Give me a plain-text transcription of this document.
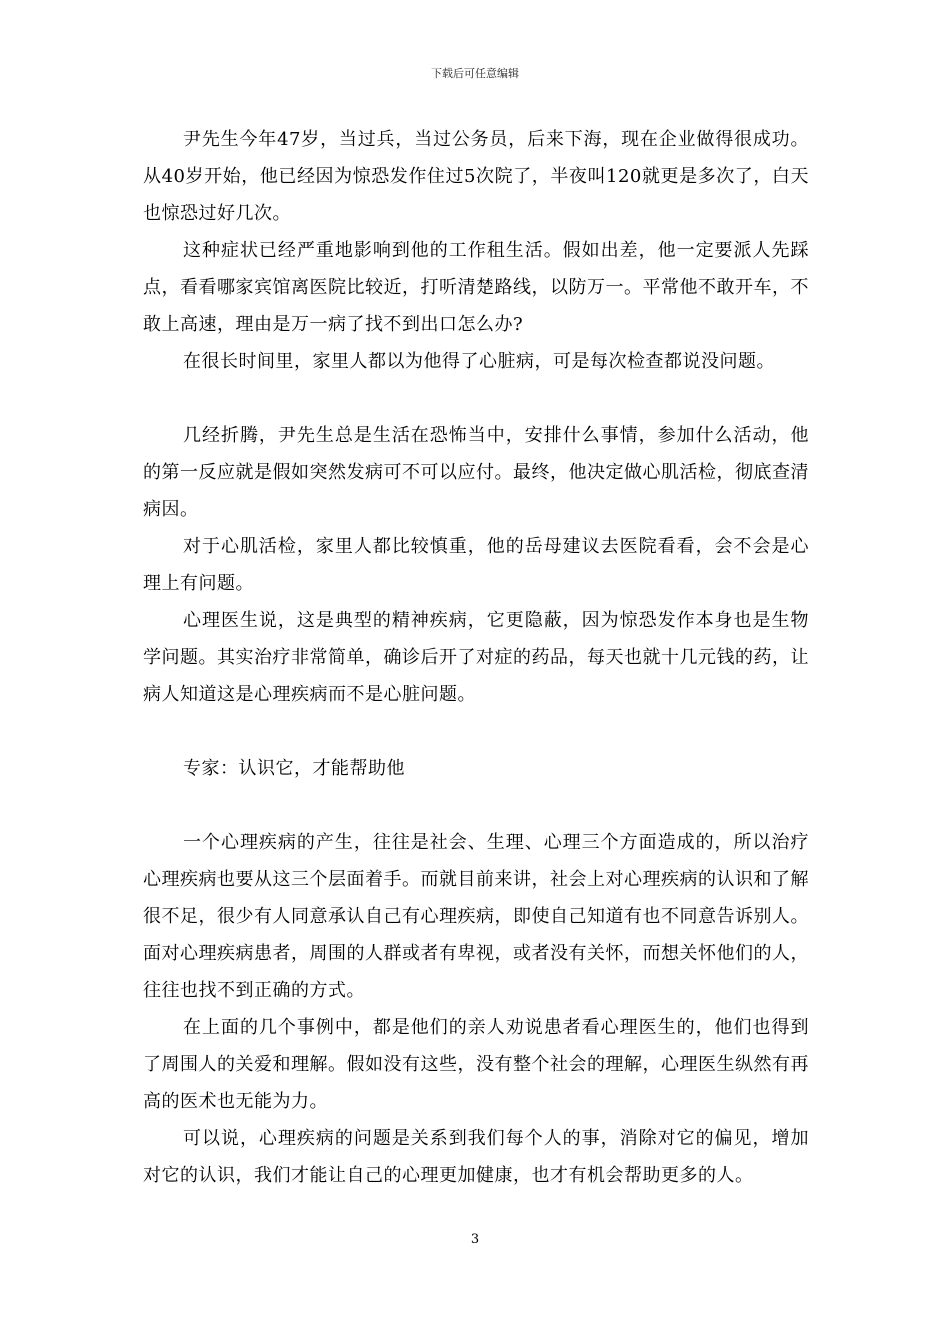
下载后可任意编辑

尹先生今年47岁，当过兵，当过公务员，后来下海，现在企业做得很成功。从40岁开始，他已经因为惊恐发作住过5次院了，半夜叫120就更是多次了，白天也惊恐过好几次。

这种症状已经严重地影响到他的工作租生活。假如出差，他一定要派人先踩点，看看哪家宾馆离医院比较近，打听清楚路线，以防万一。平常他不敢开车，不敢上高速，理由是万一病了找不到出口怎么办?

在很长时间里，家里人都以为他得了心脏病，可是每次检查都说没问题。

几经折腾，尹先生总是生活在恐怖当中，安排什么事情，参加什么活动，他的第一反应就是假如突然发病可不可以应付。最终，他决定做心肌活检，彻底查清病因。

对于心肌活检，家里人都比较慎重，他的岳母建议去医院看看，会不会是心理上有问题。

心理医生说，这是典型的精神疾病，它更隐蔽，因为惊恐发作本身也是生物学问题。其实治疗非常简单，确诊后开了对症的药品，每天也就十几元钱的药，让病人知道这是心理疾病而不是心脏问题。

专家：认识它，才能帮助他

一个心理疾病的产生，往往是社会、生理、心理三个方面造成的，所以治疗心理疾病也要从这三个层面着手。而就目前来讲，社会上对心理疾病的认识和了解很不足，很少有人同意承认自己有心理疾病，即使自己知道有也不同意告诉别人。面对心理疾病患者，周围的人群或者有卑视，或者没有关怀，而想关怀他们的人，往往也找不到正确的方式。

在上面的几个事例中，都是他们的亲人劝说患者看心理医生的，他们也得到了周围人的关爱和理解。假如没有这些，没有整个社会的理解，心理医生纵然有再高的医术也无能为力。

可以说，心理疾病的问题是关系到我们每个人的事，消除对它的偏见，增加对它的认识，我们才能让自己的心理更加健康，也才有机会帮助更多的人。

3
